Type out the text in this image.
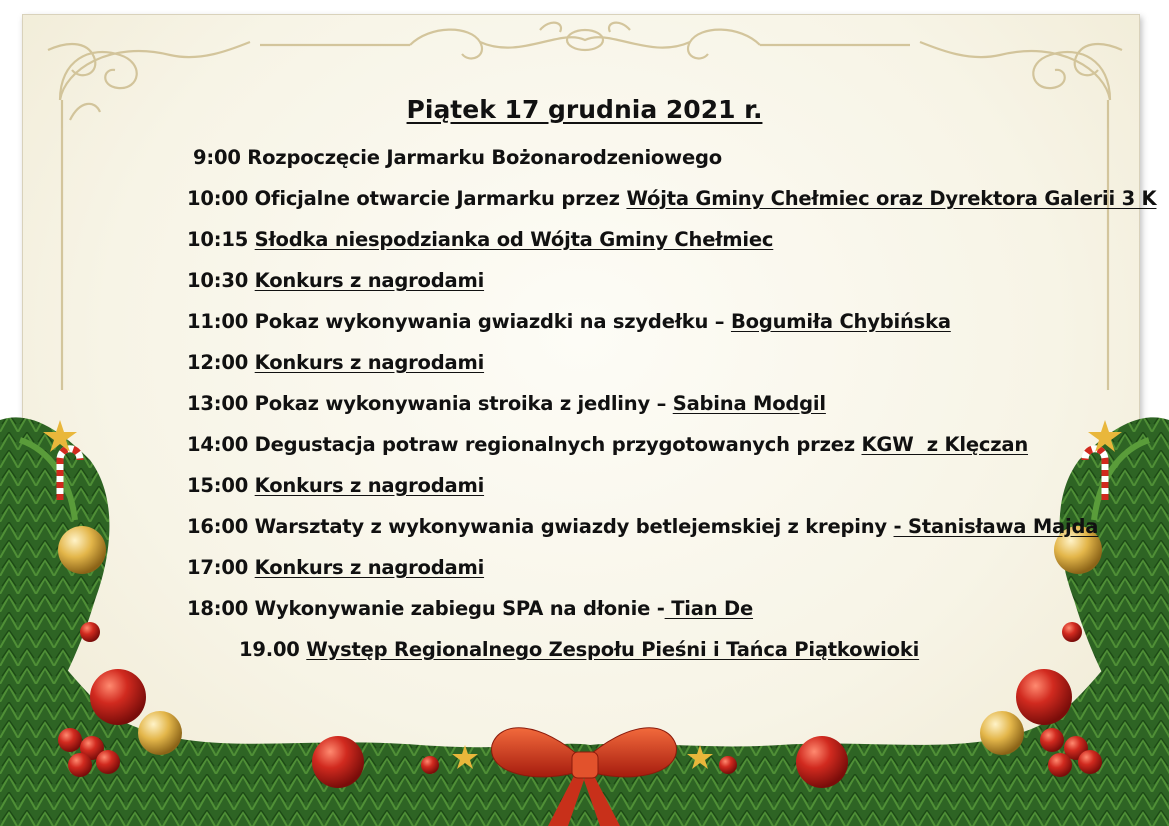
Piątek 17 grudnia 2021 r.
9:00 Rozpoczęcie Jarmarku Bożonarodzeniowego
10:00 Oficjalne otwarcie Jarmarku przez Wójta Gminy Chełmiec oraz Dyrektora Galerii 3 K
10:15 Słodka niespodzianka od Wójta Gminy Chełmiec
10:30 Konkurs z nagrodami
11:00 Pokaz wykonywania gwiazdki na szydełku – Bogumiła Chybińska
12:00 Konkurs z nagrodami
13:00 Pokaz wykonywania stroika z jedliny – Sabina Modgil
14:00 Degustacja potraw regionalnych przygotowanych przez KGW  z Klęczan
15:00 Konkurs z nagrodami
16:00 Warsztaty z wykonywania gwiazdy betlejemskiej z krepiny - Stanisława Majda
17:00 Konkurs z nagrodami
18:00 Wykonywanie zabiegu SPA na dłonie - Tian De
19.00 Występ Regionalnego Zespołu Pieśni i Tańca Piątkowioki
